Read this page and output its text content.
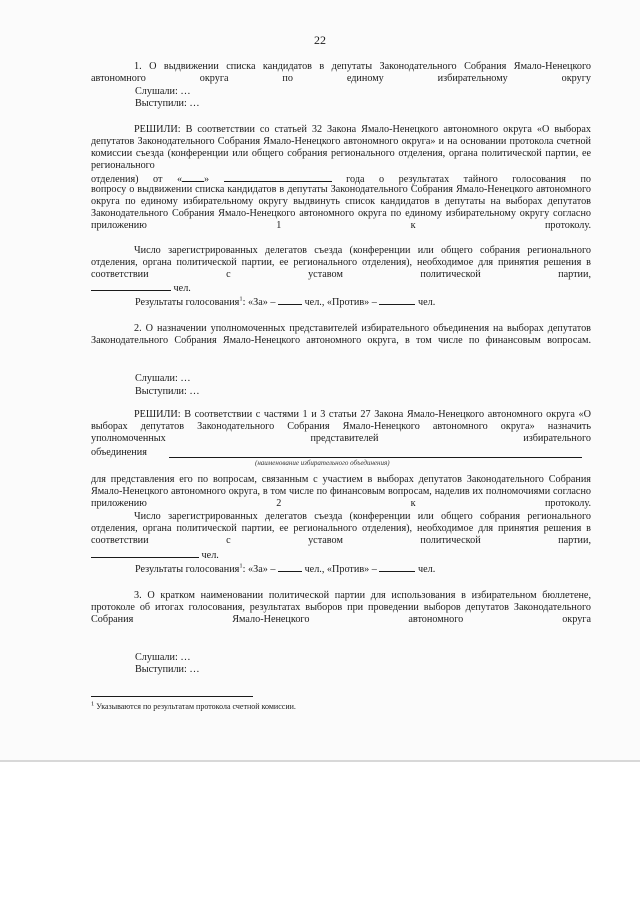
22
1. О выдвижении списка кандидатов в депутаты Законодательного Собрания Ямало-Ненецкого автономного округа по единому избирательному округу
Слушали: …
Выступили: …
РЕШИЛИ: В соответствии со статьей 32 Закона Ямало-Ненецкого автономного округа «О выборах депутатов Законодательного Собрания Ямало-Ненецкого автономного округа» и на основании протокола счетной комиссии съезда (конференции или общего собрания регионального отделения, органа политической партии, ее регионального
отделения) от « »	года о результатах тайного голосования по
вопросу о выдвижении списка кандидатов в депутаты Законодательного Собрания Ямало-Ненецкого автономного округа по единому избирательному округу выдвинуть список кандидатов в депутаты на выборах депутатов Законодательного Собрания Ямало-Ненецкого автономного округа по единому избирательному округу согласно приложению 1 к протоколу.
Число зарегистрированных делегатов съезда (конференции или общего собрания регионального отделения, органа политической партии, ее регионального отделения), необходимое для принятия решения в соответствии с уставом политической партии,
чел.
Результаты голосования$^1$: «За» –	чел., «Против» –	чел.
2. О назначении уполномоченных представителей избирательного объединения на выборах депутатов Законодательного Собрания Ямало-Ненецкого автономного округа, в том числе по финансовым вопросам.
Слушали: …
Выступили: …
РЕШИЛИ: В соответствии с частями 1 и 3 статьи 27 Закона Ямало-Ненецкого автономного округа «О выборах депутатов Законодательного Собрания Ямало-Ненецкого автономного округа» назначить уполномоченных представителей избирательного
объединения
(наименование избирательного объединения)
для представления его по вопросам, связанным с участием в выборах депутатов Законодательного Собрания Ямало-Ненецкого автономного округа, в том числе по финансовым вопросам, наделив их полномочиями согласно приложению 2 к протоколу.
Число зарегистрированных делегатов съезда (конференции или общего собрания регионального отделения, органа политической партии, ее регионального отделения), необходимое для принятия решения в соответствии с уставом политической партии,
чел.
Результаты голосования$^1$: «За» –	чел., «Против» –	чел.
3. О кратком наименовании политической партии для использования в избирательном бюллетене, протоколе об итогах голосования, результатах выборов при проведении выборов депутатов Законодательного Собрания Ямало-Ненецкого автономного округа
Слушали: …
Выступили: …
$^1$ Указываются по результатам протокола счетной комиссии.
